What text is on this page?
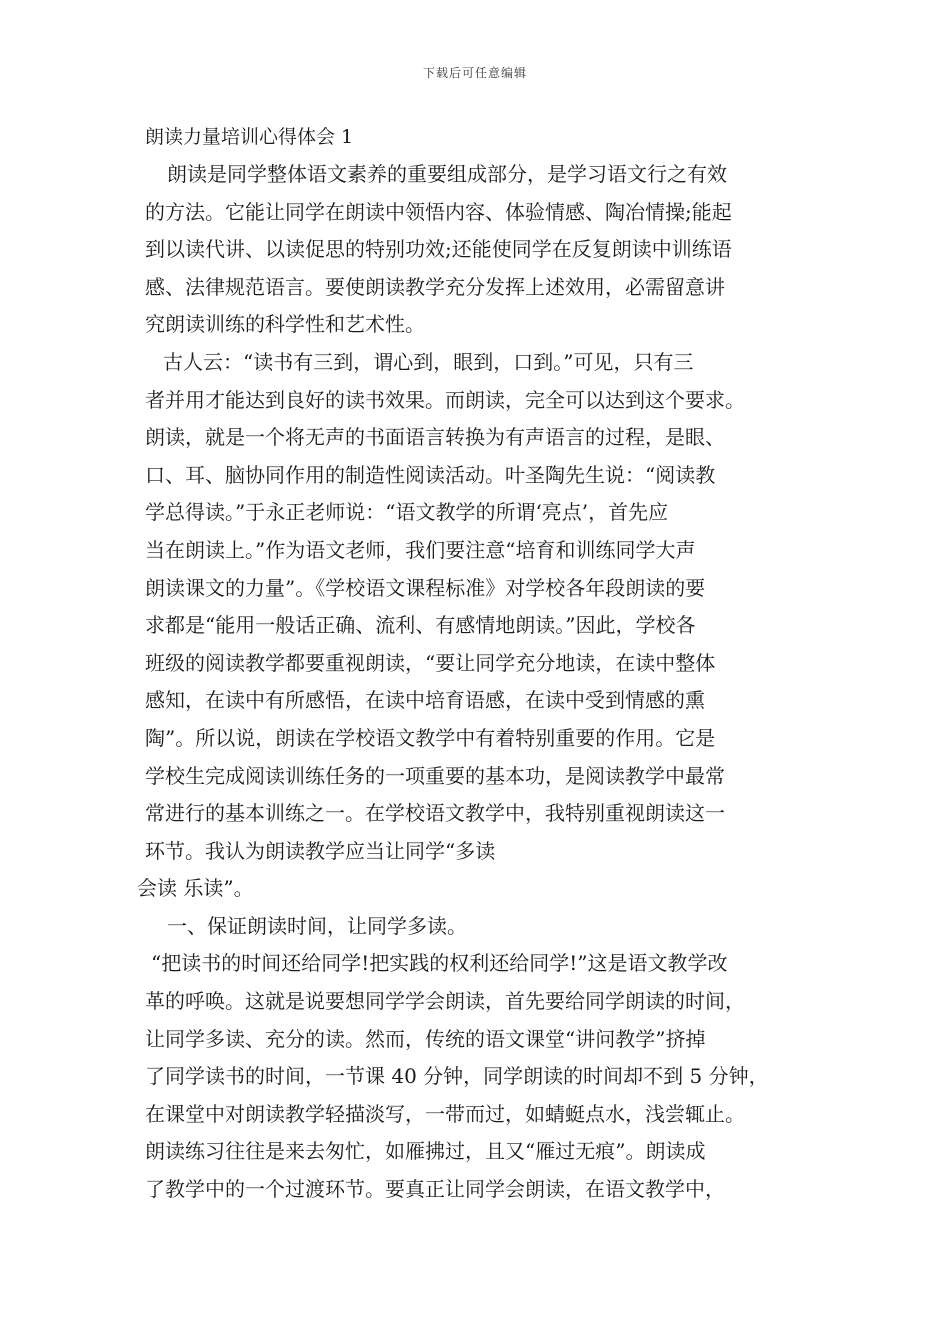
下载后可任意编辑
朗读力量培训心得体会 1
朗读是同学整体语文素养的重要组成部分，是学习语文行之有效
的方法。它能让同学在朗读中领悟内容、体验情感、陶冶情操;能起
到以读代讲、以读促思的特别功效;还能使同学在反复朗读中训练语
感、法律规范语言。要使朗读教学充分发挥上述效用，必需留意讲
究朗读训练的科学性和艺术性。
古人云：“读书有三到，谓心到，眼到，口到。”可见，只有三
者并用才能达到良好的读书效果。而朗读，完全可以达到这个要求。
朗读，就是一个将无声的书面语言转换为有声语言的过程，是眼、
口、耳、脑协同作用的制造性阅读活动。叶圣陶先生说：“阅读教
学总得读。”于永正老师说：“语文教学的所谓‘亮点’，首先应
当在朗读上。”作为语文老师，我们要注意“培育和训练同学大声
朗读课文的力量”。《学校语文课程标准》对学校各年段朗读的要
求都是“能用一般话正确、流利、有感情地朗读。”因此，学校各
班级的阅读教学都要重视朗读，“要让同学充分地读，在读中整体
感知，在读中有所感悟，在读中培育语感，在读中受到情感的熏
陶”。所以说，朗读在学校语文教学中有着特别重要的作用。它是
学校生完成阅读训练任务的一项重要的基本功，是阅读教学中最常
常进行的基本训练之一。在学校语文教学中，我特别重视朗读这一
环节。我认为朗读教学应当让同学“多读
会读 乐读”。
一、保证朗读时间，让同学多读。
“把读书的时间还给同学!把实践的权利还给同学!”这是语文教学改
革的呼唤。这就是说要想同学学会朗读，首先要给同学朗读的时间，
让同学多读、充分的读。然而，传统的语文课堂“讲问教学”挤掉
了同学读书的时间，一节课 40 分钟，同学朗读的时间却不到 5 分钟，
在课堂中对朗读教学轻描淡写，一带而过，如蜻蜓点水，浅尝辄止。
朗读练习往往是来去匆忙，如雁拂过，且又“雁过无痕”。朗读成
了教学中的一个过渡环节。要真正让同学会朗读，在语文教学中，
